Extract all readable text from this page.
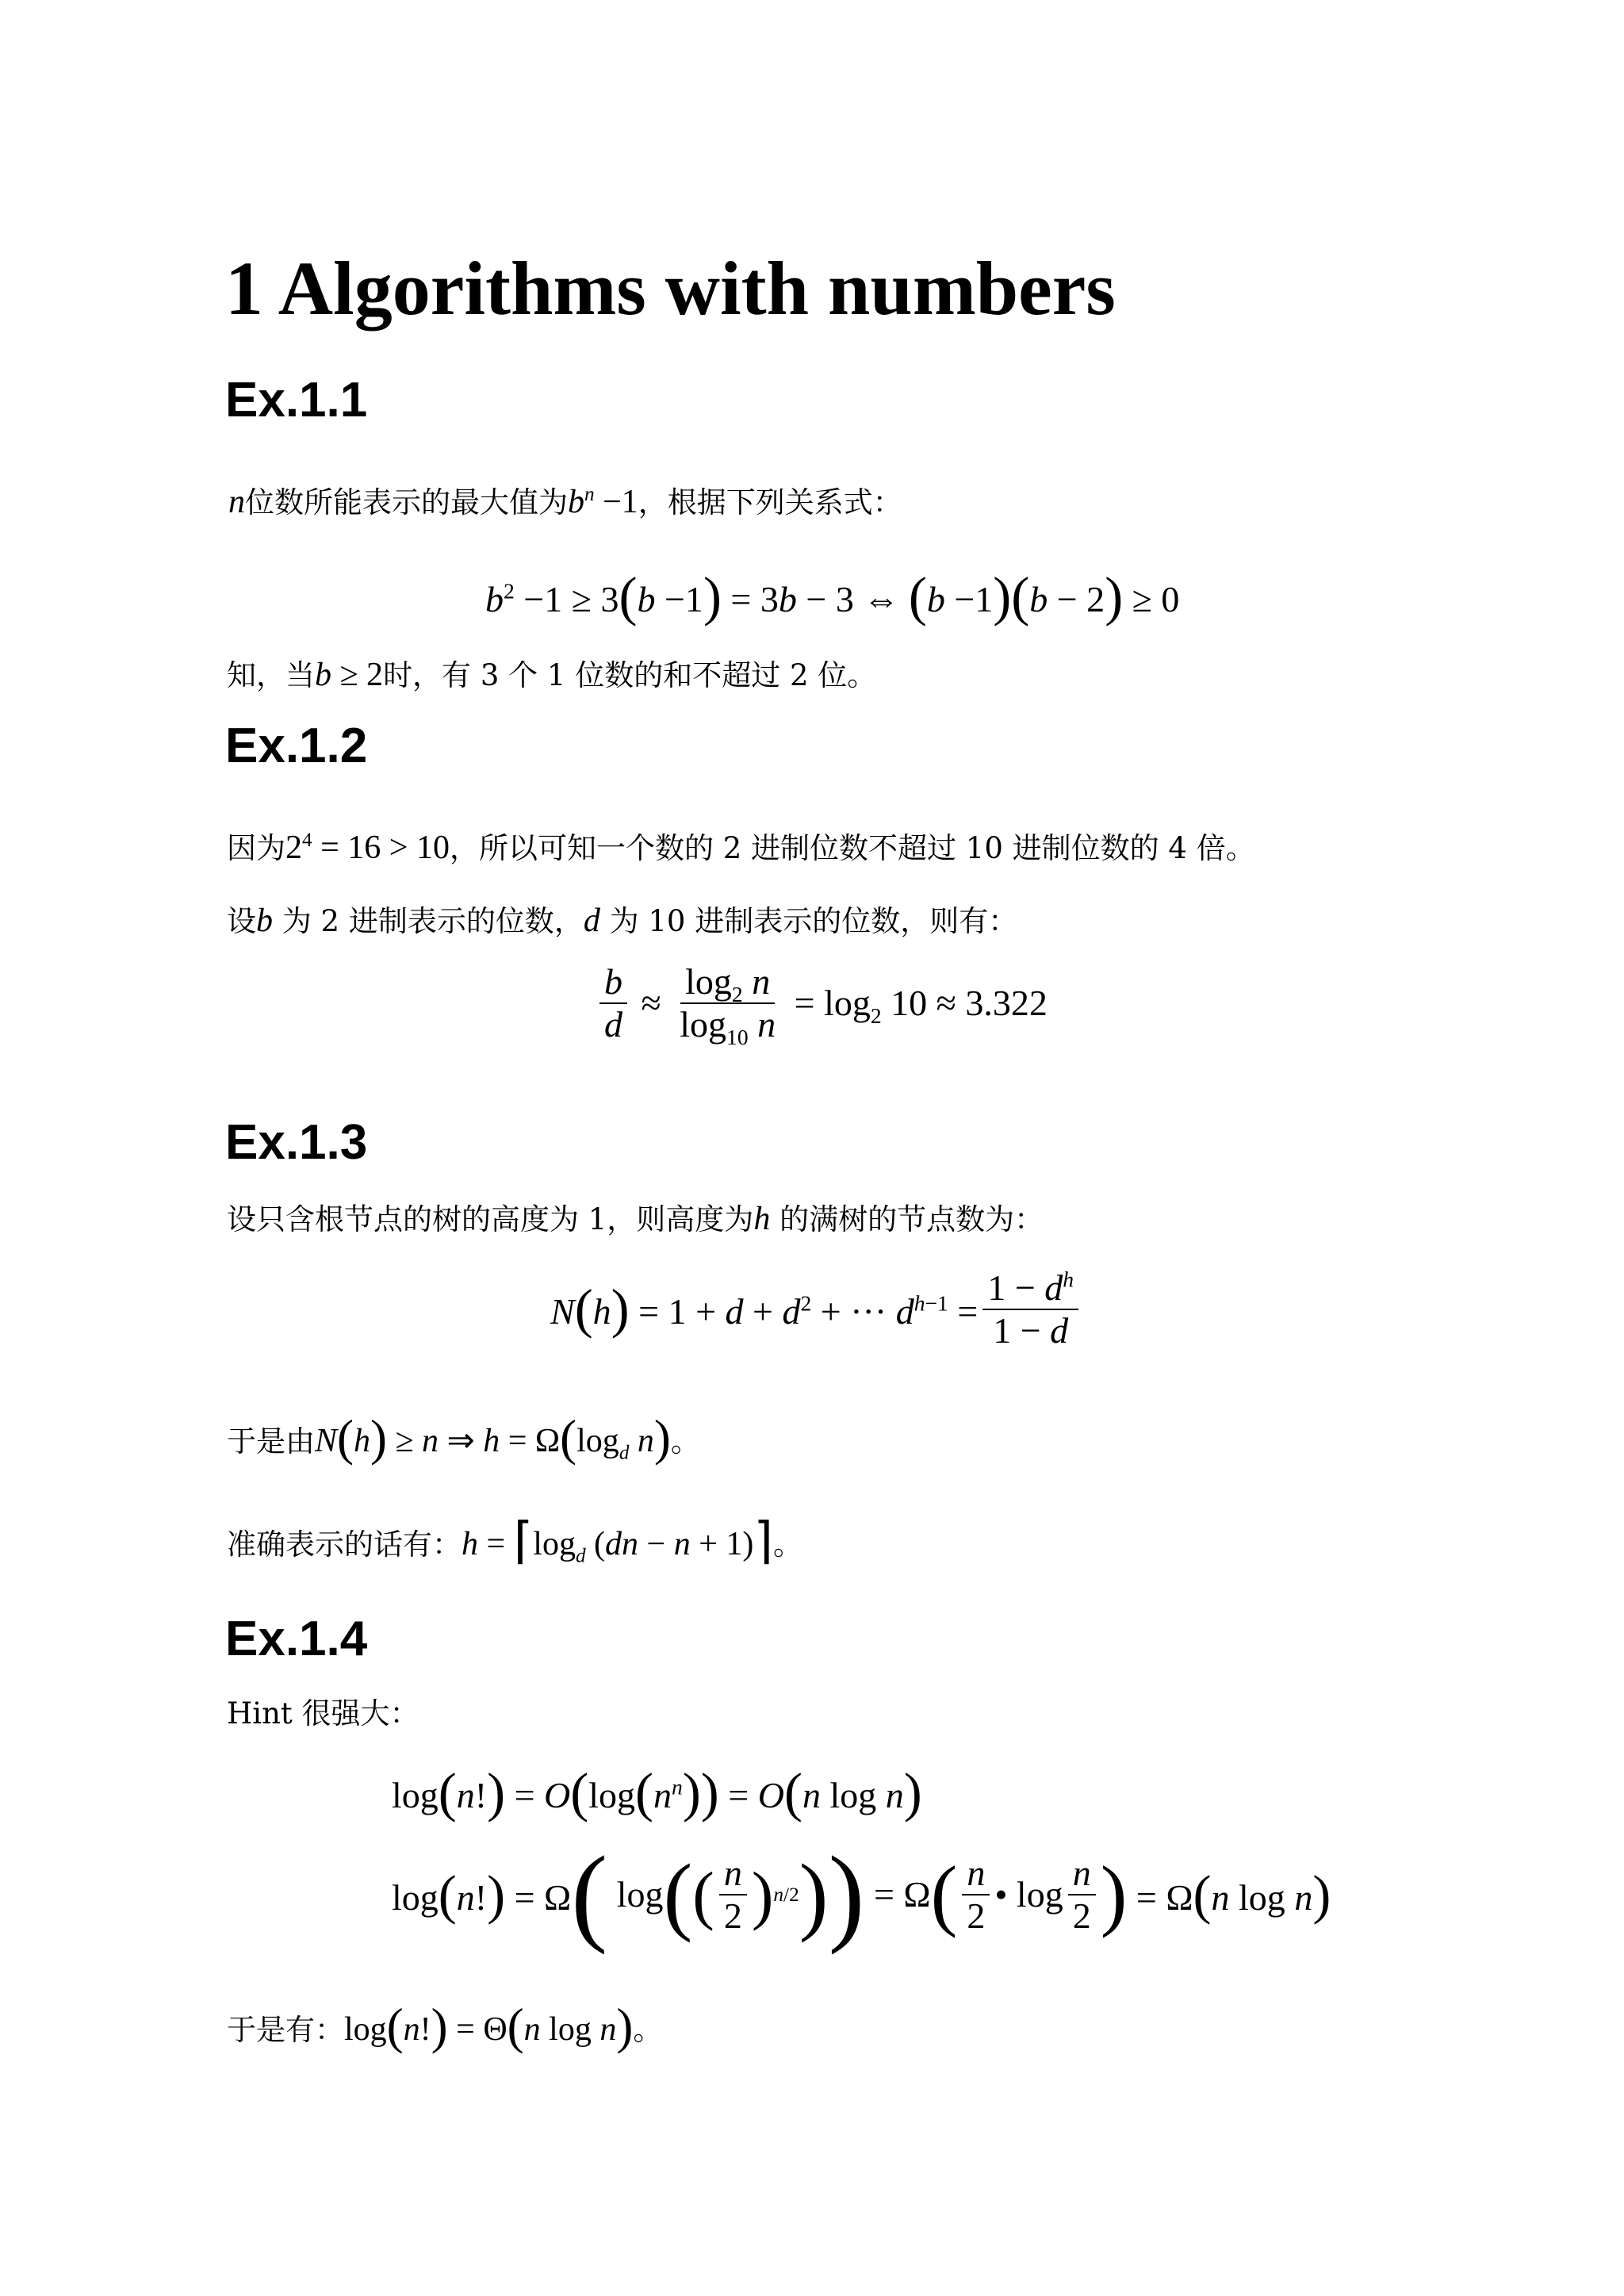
1 Algorithms with numbers
Ex.1.1
n位数所能表示的最大值为$b^n -1$，根据下列关系式：
$b^2 -1 \ge 3(b -1) = 3b - 3$ ⇔ (b −1)(b − 2) ≥ 0
知，当b ≥ 2时，有 3 个 1 位数的和不超过 2 位。
Ex.1.2
因为$2^4 = 16 > 10$，所以可知一个数的 2 进制位数不超过 10 进制位数的 4 倍。
设b 为 2 进制表示的位数，d 为 10 进制表示的位数，则有：
$\frac{b}{d} \approx \frac{\log_2 n}{\log_{10} n} = \log_2 10 \approx 3.322$
Ex.1.3
设只含根节点的树的高度为 1，则高度为h 的满树的节点数为：
$N(h) = 1 + d + d^2$ + ··· $d^{h-1} = \frac{1 - d^h}{1 - d}$
于是由N(h) ≥ n ⇒ $h = \Omega(\log_d$ n)。
准确表示的话有：$h = ⌈\log_d$ (dn − n + 1)⌉。
Ex.1.4
Hint 很强大：
$\log(n!) = O(\log(n^n)) = O(n$ log n)
log(n!) = Ω ( log ( ( $\frac{n}{2}$ ) n/2 ) ) = Ω ( $\frac{n}{2}$ • $\log \frac{n}{2}$ ) = Ω(n log n)
于是有：log(n!) = Θ(n log n)。
